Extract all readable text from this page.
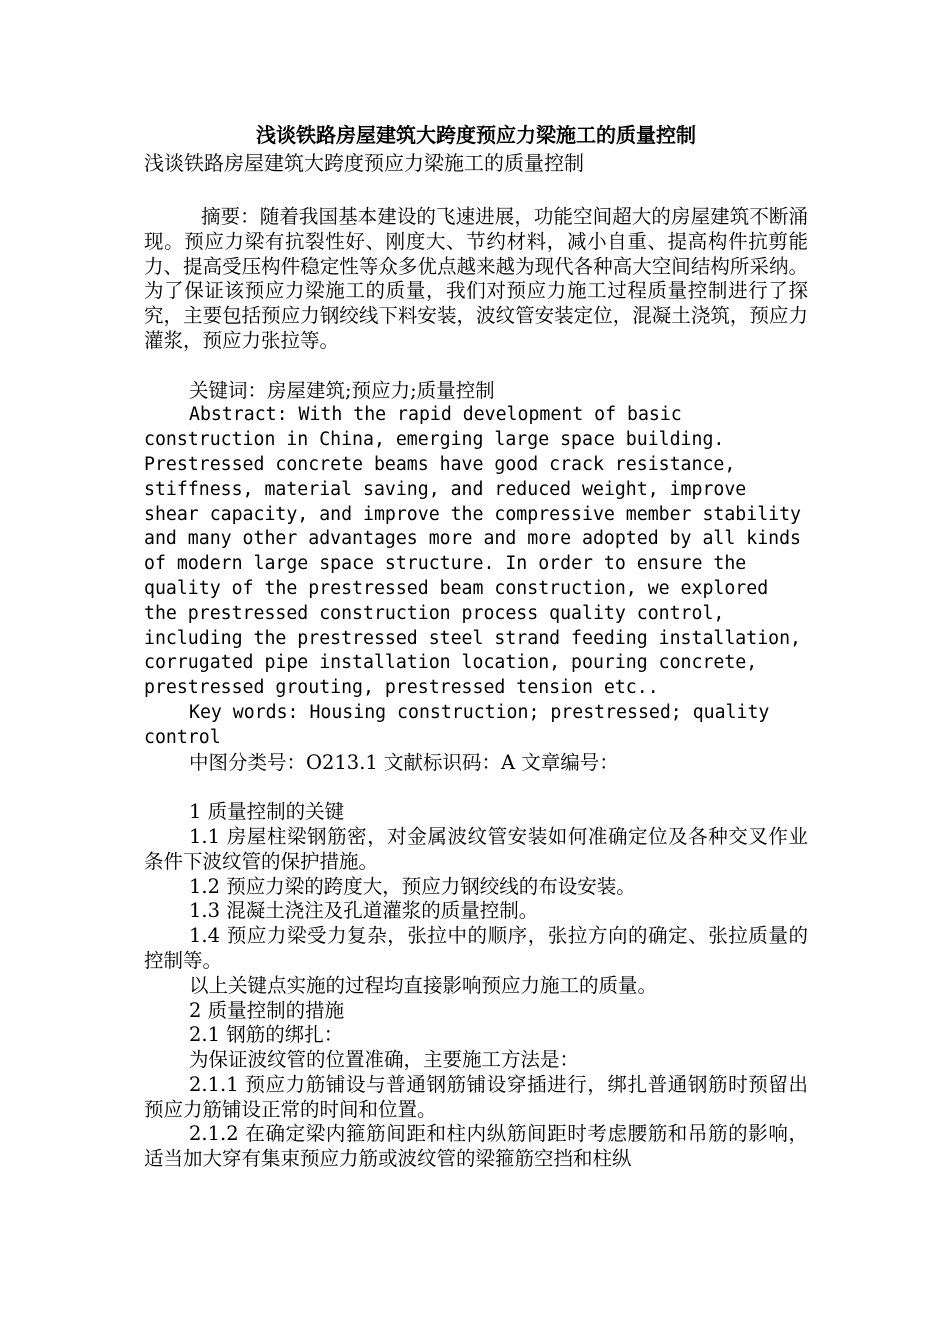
浅谈铁路房屋建筑大跨度预应力梁施工的质量控制

浅谈铁路房屋建筑大跨度预应力梁施工的质量控制

摘要：随着我国基本建设的飞速进展，功能空间超大的房屋建筑不断涌现。预应力梁有抗裂性好、刚度大、节约材料，减小自重、提高构件抗剪能力、提高受压构件稳定性等众多优点越来越为现代各种高大空间结构所采纳。为了保证该预应力梁施工的质量，我们对预应力施工过程质量控制进行了探究，主要包括预应力钢绞线下料安装，波纹管安装定位，混凝土浇筑，预应力灌浆，预应力张拉等。

关键词：房屋建筑;预应力;质量控制

Abstract: With the rapid development of basic construction in China, emerging large space building. Prestressed concrete beams have good crack resistance, stiffness, material saving, and reduced weight, improve shear capacity, and improve the compressive member stability and many other advantages more and more adopted by all kinds of modern large space structure. In order to ensure the quality of the prestressed beam construction, we explored the prestressed construction process quality control, including the prestressed steel strand feeding installation, corrugated pipe installation location, pouring concrete, prestressed grouting, prestressed tension etc..

Key words: Housing construction; prestressed; quality control

中图分类号：O213.1 文献标识码：A 文章编号：

1 质量控制的关键

1.1 房屋柱梁钢筋密，对金属波纹管安装如何准确定位及各种交叉作业条件下波纹管的保护措施。

1.2 预应力梁的跨度大，预应力钢绞线的布设安装。

1.3 混凝土浇注及孔道灌浆的质量控制。

1.4 预应力梁受力复杂，张拉中的顺序，张拉方向的确定、张拉质量的控制等。

以上关键点实施的过程均直接影响预应力施工的质量。

2 质量控制的措施

2.1 钢筋的绑扎：

为保证波纹管的位置准确，主要施工方法是：

2.1.1 预应力筋铺设与普通钢筋铺设穿插进行，绑扎普通钢筋时预留出预应力筋铺设正常的时间和位置。

2.1.2 在确定梁内箍筋间距和柱内纵筋间距时考虑腰筋和吊筋的影响，适当加大穿有集束预应力筋或波纹管的梁箍筋空挡和柱纵
